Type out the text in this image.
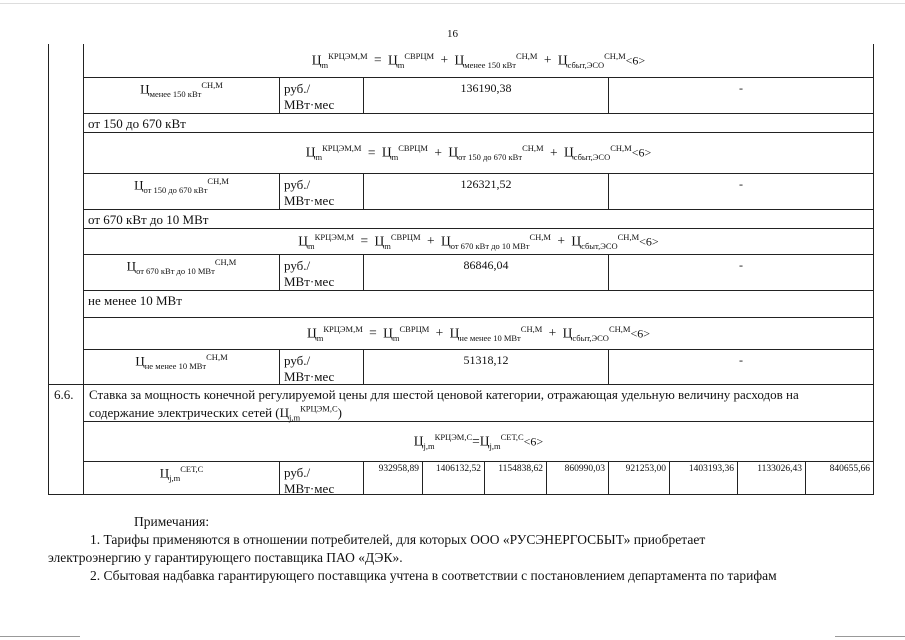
16
6.6.
$Ц_m^{КРЦЭМ,М} = Ц_m^{СВРЦМ} + Ц_{менее 150 кВт}^{СН,М} + Ц_{сбыт,ЭСО}^{СН,М}<6>$
$Ц_{менее 150 кВт}^{СН,М}$	руб./
МВт·мес
136190,38	-
от 150 до 670 кВт
$Ц_m^{КРЦЭМ,М} = Ц_m^{СВРЦМ} + Ц_{от 150 до 670 кВт}^{СН,М} + Ц_{сбыт,ЭСО}^{СН,М}<6>$
$Ц_{от 150 до 670 кВт}^{СН,М}$	руб./
МВт·мес
126321,52	-
от 670 кВт до 10 МВт
$Ц_m^{КРЦЭМ,М} = Ц_m^{СВРЦМ} + Ц_{от 670 кВт до 10 МВт}^{СН,М} + Ц_{сбыт,ЭСО}^{СН,М}<6>$
$Ц_{от 670 кВт до 10 МВт}^{СН,М}$	руб./
МВт·мес
86846,04	-
не менее 10 МВт
$Ц_m^{КРЦЭМ,М} = Ц_m^{СВРЦМ} + Ц_{не менее 10 МВт}^{СН,М} + Ц_{сбыт,ЭСО}^{СН,М}<6>$
$Ц_{не менее 10 МВт}^{СН,М}$	руб./
МВт·мес
51318,12	-
Ставка за мощность конечной регулируемой цены для шестой ценовой категории, отражающая удельную величину расходов на
содержание электрических сетей $(Ц_{j,m}^{КРЦЭМ,С})$
$Ц_{j,m}^{КРЦЭМ,С}=Ц_{j,m}^{СЕТ,С}<6>$
$Ц_{j,m}^{СЕТ,С}$	руб./
МВт·мес
932958,89	1406132,52	1154838,62	860990,03	921253,00	1403193,36	1133026,43	840655,66
Примечания:
1. Тарифы применяются в отношении потребителей, для которых ООО «РУСЭНЕРГОСБЫТ» приобретает
электроэнергию у гарантирующего поставщика ПАО «ДЭК».
2. Сбытовая надбавка гарантирующего поставщика учтена в соответствии с постановлением департамента по тарифам
